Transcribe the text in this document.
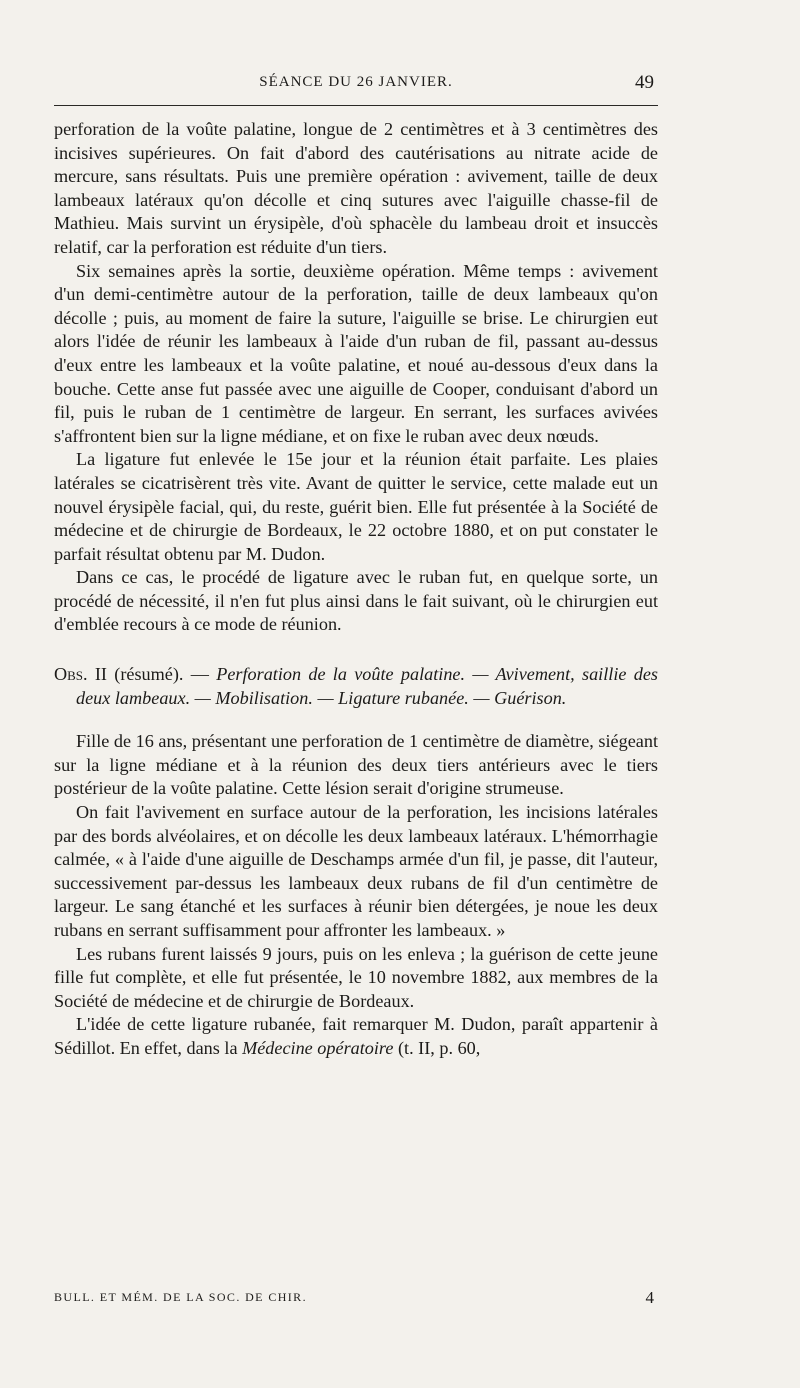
SÉANCE DU 26 JANVIER.	49

perforation de la voûte palatine, longue de 2 centimètres et à 3 centimètres des incisives supérieures. On fait d'abord des cautérisations au nitrate acide de mercure, sans résultats. Puis une première opération : avivement, taille de deux lambeaux latéraux qu'on décolle et cinq sutures avec l'aiguille chasse-fil de Mathieu. Mais survint un érysipèle, d'où sphacèle du lambeau droit et insuccès relatif, car la perforation est réduite d'un tiers.

Six semaines après la sortie, deuxième opération. Même temps : avivement d'un demi-centimètre autour de la perforation, taille de deux lambeaux qu'on décolle ; puis, au moment de faire la suture, l'aiguille se brise. Le chirurgien eut alors l'idée de réunir les lambeaux à l'aide d'un ruban de fil, passant au-dessus d'eux entre les lambeaux et la voûte palatine, et noué au-dessous d'eux dans la bouche. Cette anse fut passée avec une aiguille de Cooper, conduisant d'abord un fil, puis le ruban de 1 centimètre de largeur. En serrant, les surfaces avivées s'affrontent bien sur la ligne médiane, et on fixe le ruban avec deux nœuds.

La ligature fut enlevée le 15e jour et la réunion était parfaite. Les plaies latérales se cicatrisèrent très vite. Avant de quitter le service, cette malade eut un nouvel érysipèle facial, qui, du reste, guérit bien. Elle fut présentée à la Société de médecine et de chirurgie de Bordeaux, le 22 octobre 1880, et on put constater le parfait résultat obtenu par M. Dudon.

Dans ce cas, le procédé de ligature avec le ruban fut, en quelque sorte, un procédé de nécessité, il n'en fut plus ainsi dans le fait suivant, où le chirurgien eut d'emblée recours à ce mode de réunion.

Obs. II (résumé). — Perforation de la voûte palatine. — Avivement, saillie des deux lambeaux. — Mobilisation. — Ligature rubanée. — Guérison.

Fille de 16 ans, présentant une perforation de 1 centimètre de diamètre, siégeant sur la ligne médiane et à la réunion des deux tiers antérieurs avec le tiers postérieur de la voûte palatine. Cette lésion serait d'origine strumeuse.

On fait l'avivement en surface autour de la perforation, les incisions latérales par des bords alvéolaires, et on décolle les deux lambeaux latéraux. L'hémorrhagie calmée, « à l'aide d'une aiguille de Deschamps armée d'un fil, je passe, dit l'auteur, successivement par-dessus les lambeaux deux rubans de fil d'un centimètre de largeur. Le sang étanché et les surfaces à réunir bien détergées, je noue les deux rubans en serrant suffisamment pour affronter les lambeaux. »

Les rubans furent laissés 9 jours, puis on les enleva ; la guérison de cette jeune fille fut complète, et elle fut présentée, le 10 novembre 1882, aux membres de la Société de médecine et de chirurgie de Bordeaux.

L'idée de cette ligature rubanée, fait remarquer M. Dudon, paraît appartenir à Sédillot. En effet, dans la Médecine opératoire (t. II, p. 60,

BULL. ET MÉM. DE LA SOC. DE CHIR.	4
